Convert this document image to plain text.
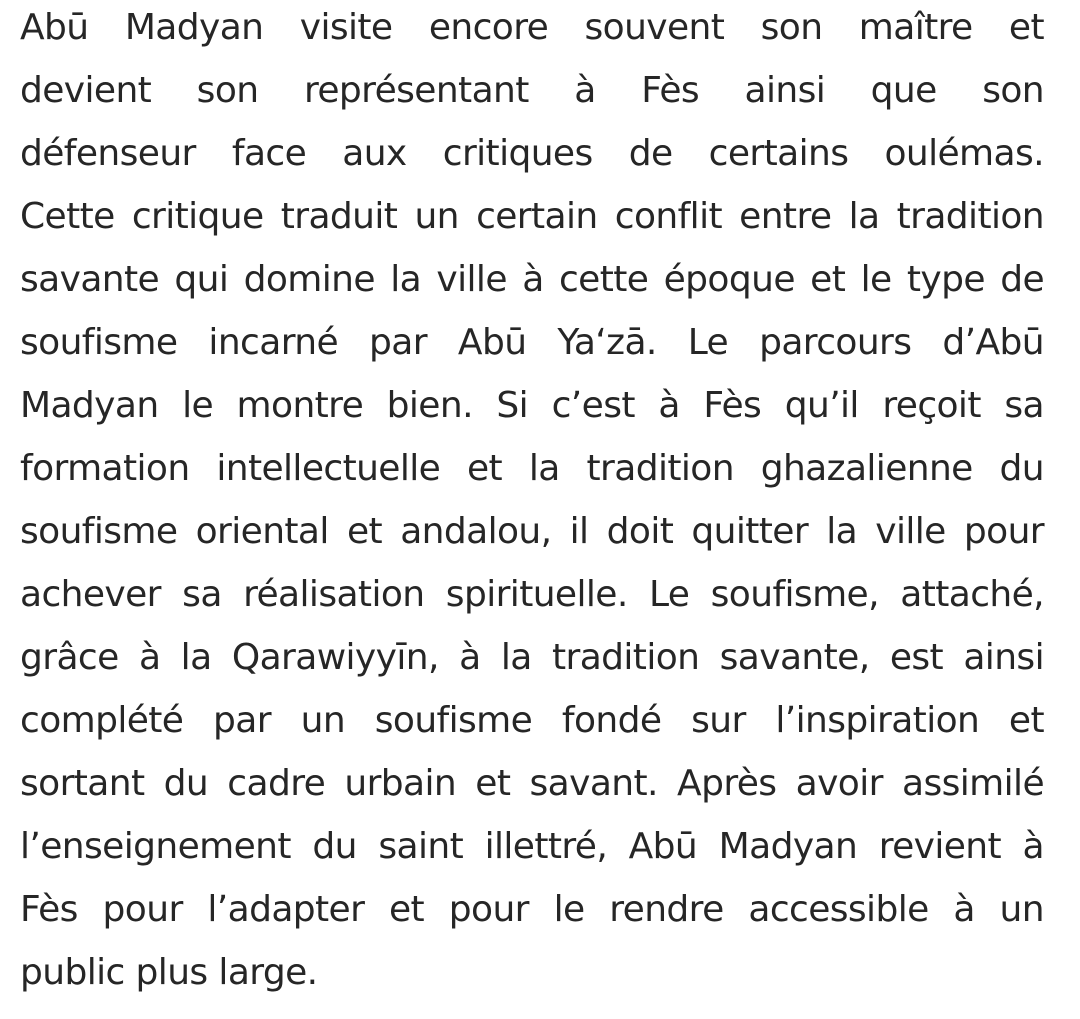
Abū Madyan visite encore souvent son maître et
devient son représentant à Fès ainsi que son
défenseur face aux critiques de certains oulémas.
Cette critique traduit un certain conflit entre la tradition
savante qui domine la ville à cette époque et le type de
soufisme incarné par Abū Ya‘zā. Le parcours d’Abū
Madyan le montre bien. Si c’est à Fès qu’il reçoit sa
formation intellectuelle et la tradition ghazalienne du
soufisme oriental et andalou, il doit quitter la ville pour
achever sa réalisation spirituelle. Le soufisme, attaché,
grâce à la Qarawiyyīn, à la tradition savante, est ainsi
complété par un soufisme fondé sur l’inspiration et
sortant du cadre urbain et savant. Après avoir assimilé
l’enseignement du saint illettré, Abū Madyan revient à
Fès pour l’adapter et pour le rendre accessible à un
public plus large.
